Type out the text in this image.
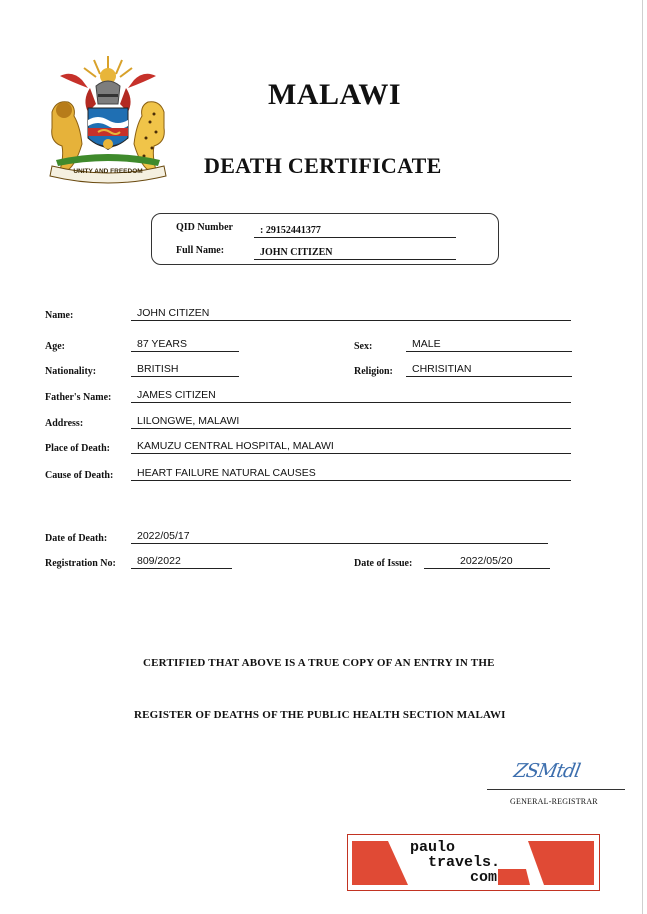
UNITY AND FREEDOM
MALAWI
DEATH CERTIFICATE
QID Number	: 29152441377
Full Name:	JOHN CITIZEN
Name:	JOHN CITIZEN
Age:	87 YEARS	Sex:	MALE
Nationality:	BRITISH	Religion: CHRISITIAN
Father's Name: JAMES CITIZEN
Address:	LILONGWE, MALAWI
Place of Death:	KAMUZU CENTRAL HOSPITAL, MALAWI
Cause of Death: HEART FAILURE NATURAL CAUSES
Date of Death:	2022/05/17
Registration No: 809/2022	Date of Issue:	2022/05/20
CERTIFIED THAT ABOVE IS A TRUE COPY OF AN ENTRY IN THE
REGISTER OF DEATHS OF THE PUBLIC HEALTH SECTION MALAWI
ZSMtdl
GENERAL-REGISTRAR
paulo
travels.
com
